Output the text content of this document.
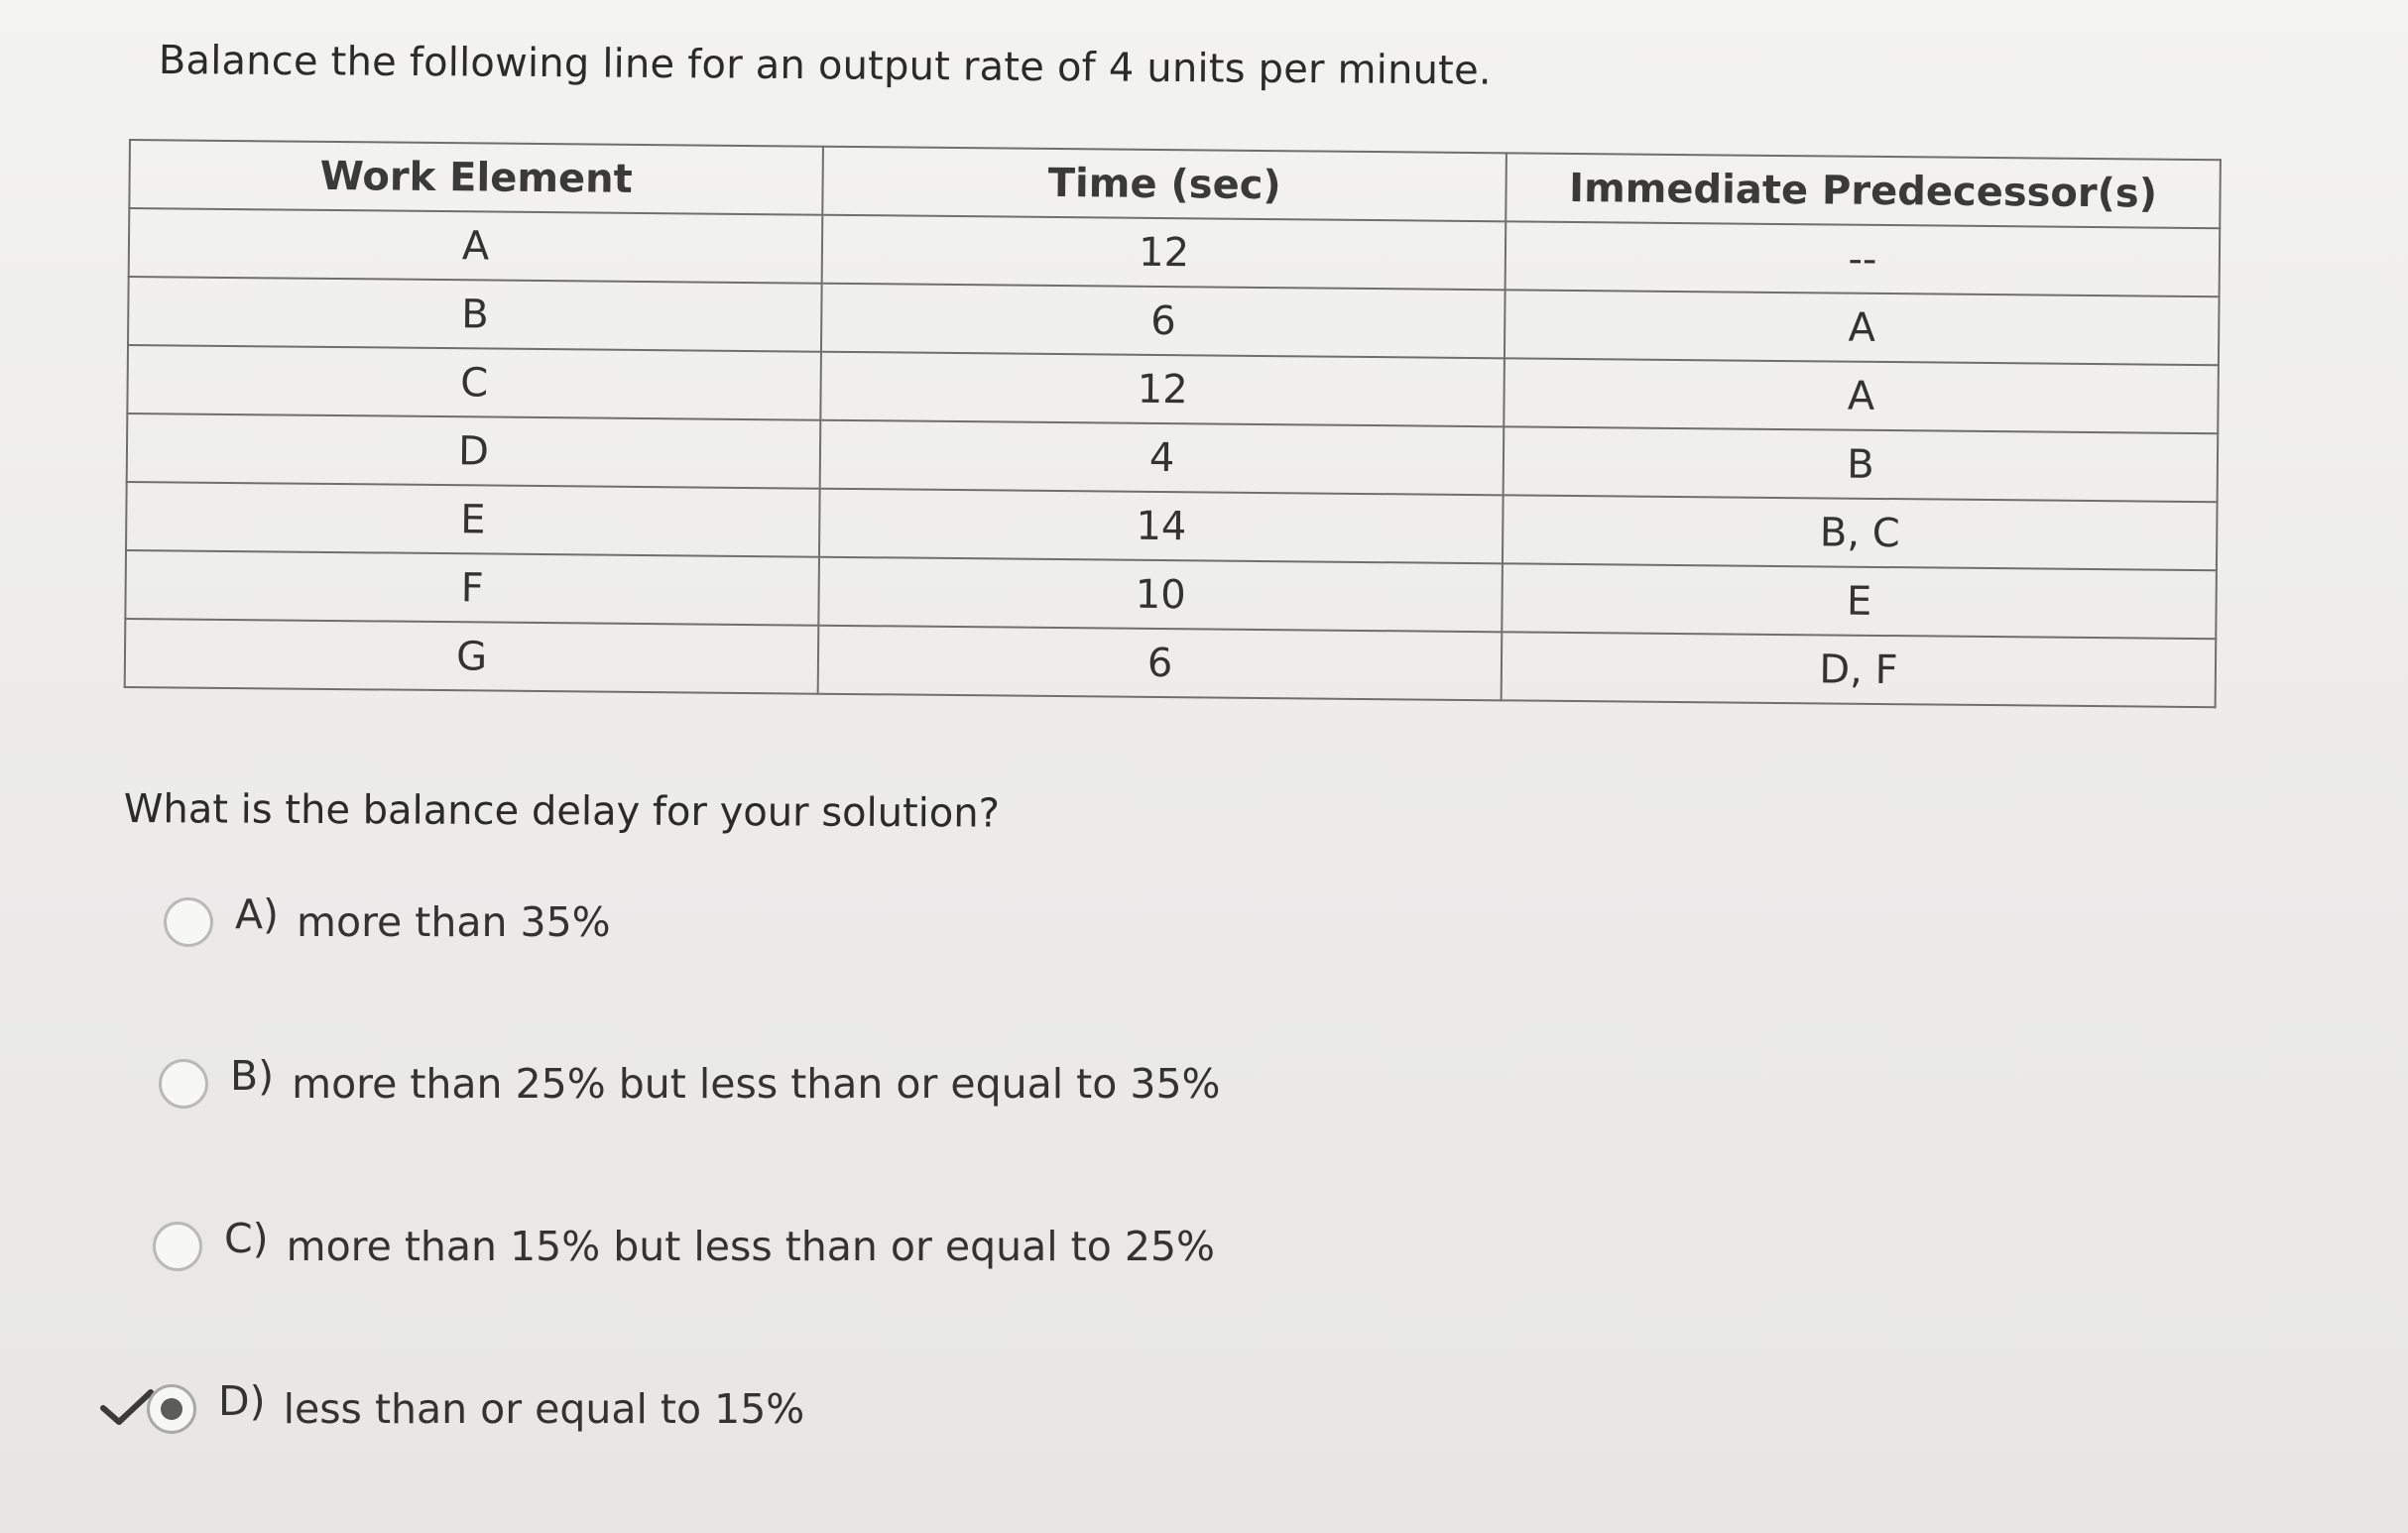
Balance the following line for an output rate of 4 units per minute.
Work Element	Time (sec)	Immediate Predecessor(s)
A	12	--
B	6	A
C	12	A
D	4	B
E	14	B, C
F	10	E
G	6	D, F
What is the balance delay for your solution?
A) more than 35%
B) more than 25% but less than or equal to 35%
C) more than 15% but less than or equal to 25%
D) less than or equal to 15%
